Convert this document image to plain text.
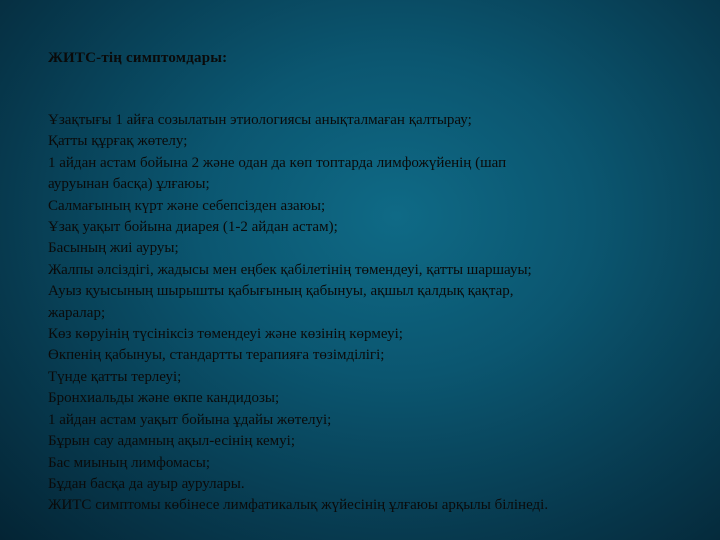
ЖИТС-тің симптомдары:
Ұзақтығы 1 айға созылатын этиологиясы анықталмаған қалтырау;
Қатты құрғақ жөтелу;
1 айдан астам бойына 2 және одан да көп топтарда лимфожүйенің (шап
ауруынан басқа) ұлғаюы;
Салмағының күрт және себепсізден азаюы;
Ұзақ уақыт бойына диарея (1-2 айдан астам);
Басының жиі ауруы;
Жалпы әлсіздігі, жадысы мен еңбек қабілетінің төмендеуі, қатты шаршауы;
Ауыз қуысының шырышты қабығының қабынуы, ақшыл қалдық қақтар,
жаралар;
Көз көруінің түсініксіз төмендеуі және көзінің көрмеуі;
Өкпенің қабынуы, стандартты терапияға төзімділігі;
Түнде қатты терлеуі;
Бронхиальды және өкпе кандидозы;
1 айдан астам уақыт бойына ұдайы жөтелуі;
Бұрын сау адамның ақыл-есінің кемуі;
Бас миының лимфомасы;
Бұдан басқа да ауыр аурулары.
ЖИТС симптомы көбінесе лимфатикалық жүйесінің ұлғаюы арқылы білінеді.
